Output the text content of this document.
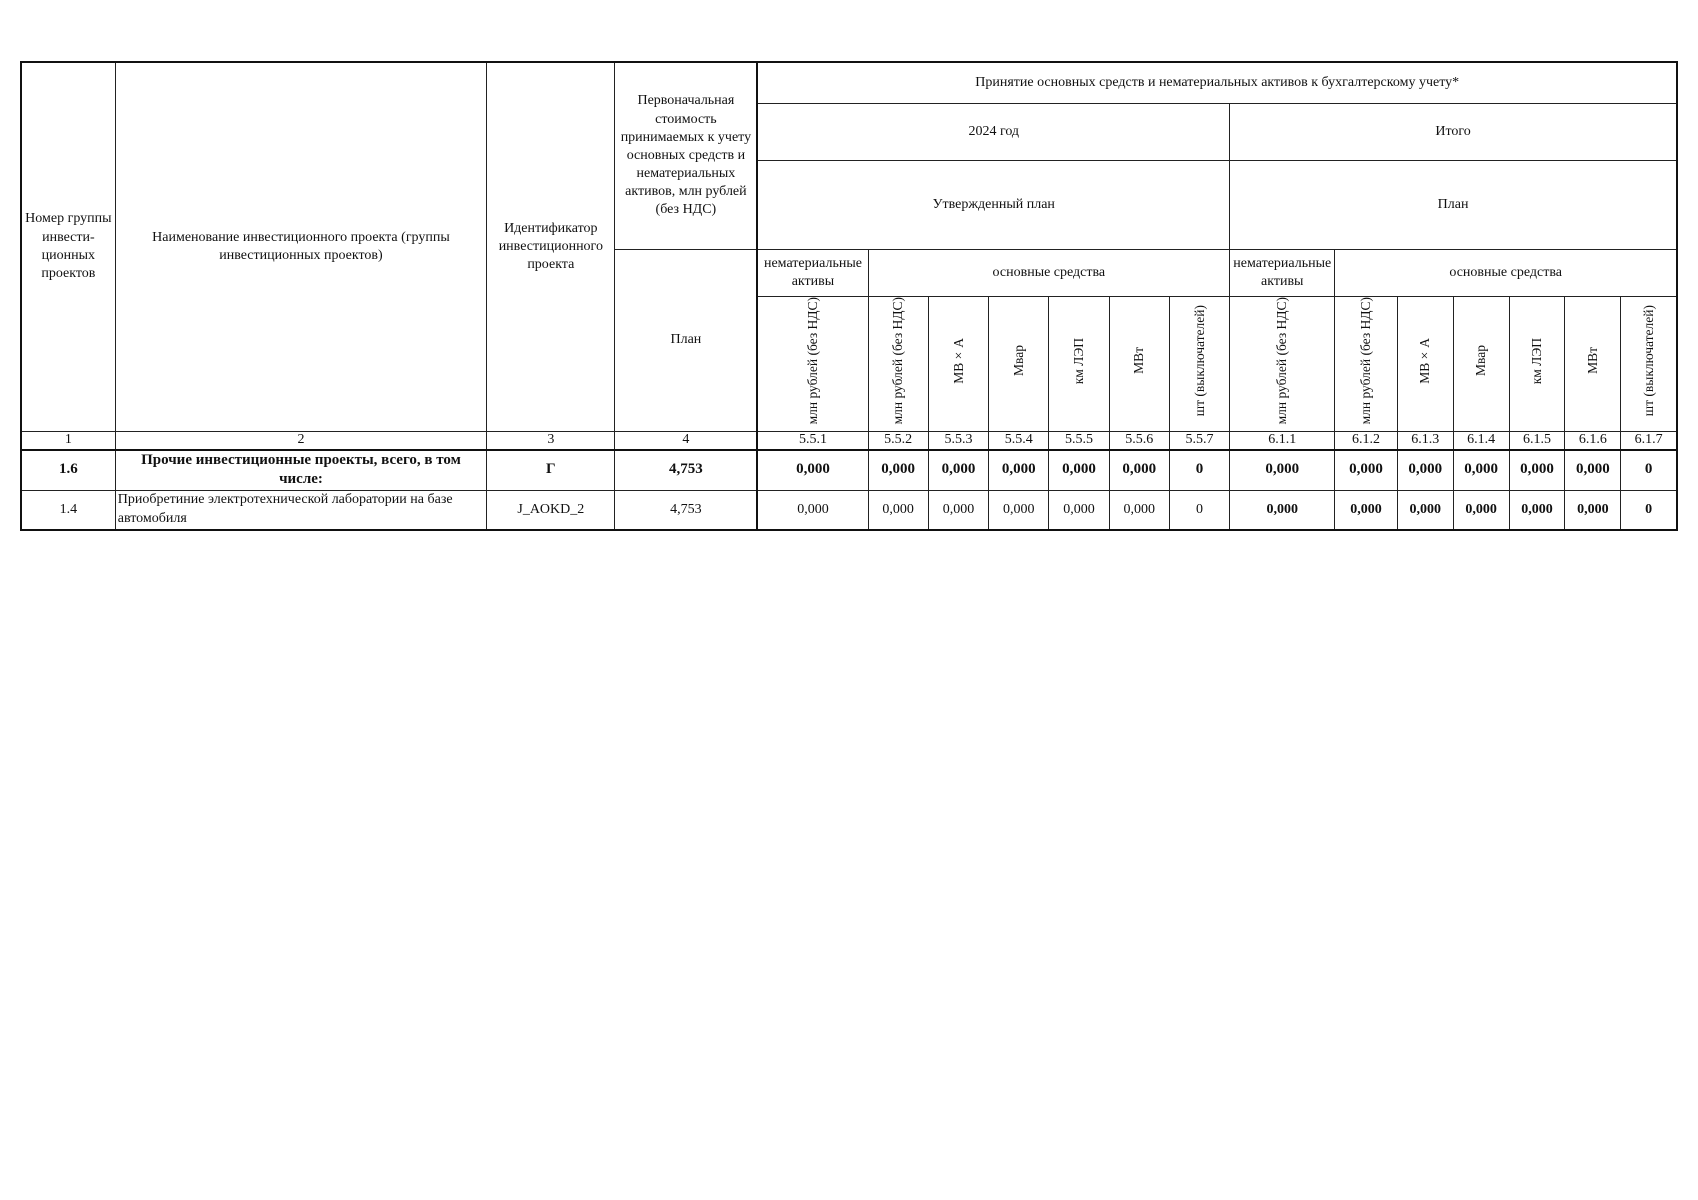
Номер группы инвести-ционных проектов	Наименование инвестиционного проекта (группы инвестиционных проектов)	Идентификатор инвестиционного проекта	Первоначальная стоимость принимаемых к учету основных средств и нематериальных активов, млн рублей (без НДС)	Принятие основных средств и нематериальных активов к бухгалтерскому учету*													
				2024 год							Итого						
				Утвержденный план							План						
			План	нематериальные активы	основные средства						нематериальные активы	основные средства					
				млн рублей (без НДС)	млн рублей (без НДС)	МВ×А	Мвар	км ЛЭП	МВт	шт (выключателей)	млн рублей (без НДС)	млн рублей (без НДС)	МВ×А	Мвар	км ЛЭП	МВт	шт (выключателей)
1	2	3	4	5.5.1	5.5.2	5.5.3	5.5.4	5.5.5	5.5.6	5.5.7	6.1.1	6.1.2	6.1.3	6.1.4	6.1.5	6.1.6	6.1.7
1.6	Прочие инвестиционные проекты, всего, в том числе:	Г	4,753	0,000	0,000	0,000	0,000	0,000	0,000	0	0,000	0,000	0,000	0,000	0,000	0,000	0
1.4	Приобретиние электротехнической лаборатории на базе автомобиля	J_AOKD_2	4,753	0,000	0,000	0,000	0,000	0,000	0,000	0	0,000	0,000	0,000	0,000	0,000	0,000	0
